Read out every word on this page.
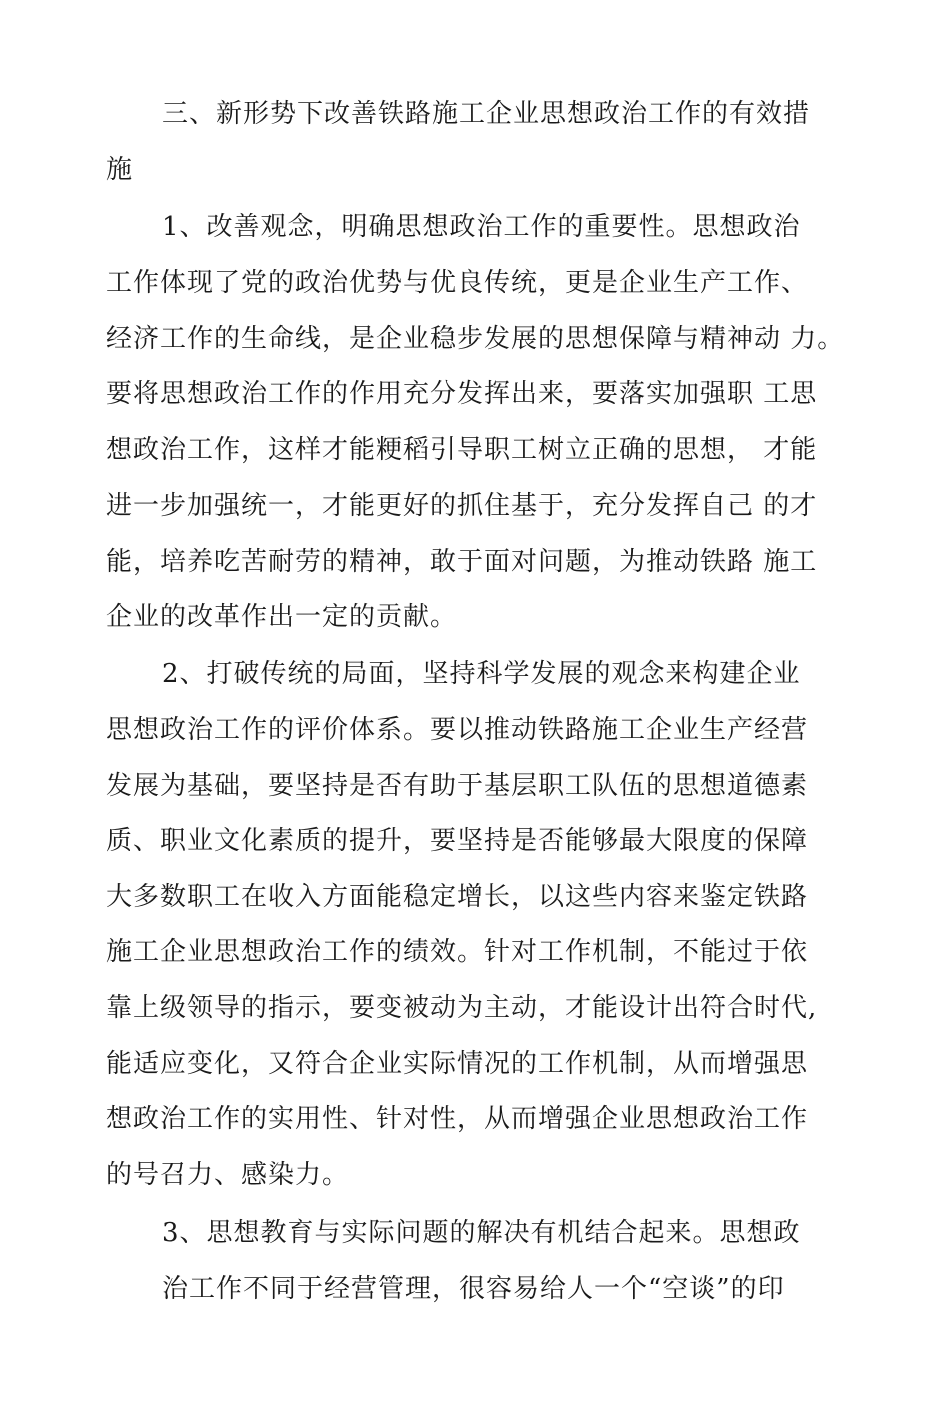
三、新形势下改善铁路施工企业思想政治工作的有效措
施
1、改善观念，明确思想政治工作的重要性。思想政治
工作体现了党的政治优势与优良传统，更是企业生产工作、
经济工作的生命线，是企业稳步发展的思想保障与精神动 力。
要将思想政治工作的作用充分发挥出来，要落实加强职 工思
想政治工作，这样才能粳稻引导职工树立正确的思想， 才能
进一步加强统一，才能更好的抓住基于，充分发挥自己 的才
能，培养吃苦耐劳的精神，敢于面对问题，为推动铁路 施工
企业的改革作出一定的贡献。
2、打破传统的局面，坚持科学发展的观念来构建企业
思想政治工作的评价体系。要以推动铁路施工企业生产经营
发展为基础，要坚持是否有助于基层职工队伍的思想道德素
质、职业文化素质的提升，要坚持是否能够最大限度的保障
大多数职工在收入方面能稳定增长，以这些内容来鉴定铁路
施工企业思想政治工作的绩效。针对工作机制，不能过于依
靠上级领导的指示，要变被动为主动，才能设计出符合时代,
能适应变化，又符合企业实际情况的工作机制，从而增强思
想政治工作的实用性、针对性，从而增强企业思想政治工作
的号召力、感染力。
3、思想教育与实际问题的解决有机结合起来。思想政
治工作不同于经营管理，很容易给人一个“空谈”的印
